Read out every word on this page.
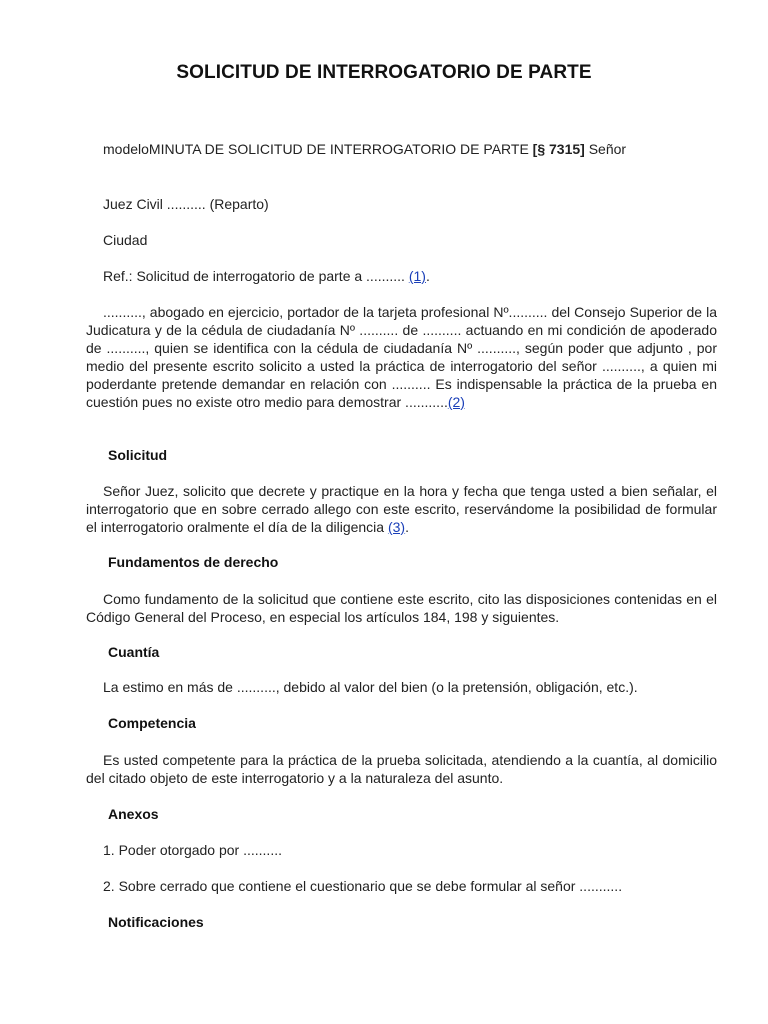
SOLICITUD DE INTERROGATORIO DE PARTE
modeloMINUTA DE SOLICITUD DE INTERROGATORIO DE PARTE [§ 7315] Señor
Juez Civil .......... (Reparto)
Ciudad
Ref.: Solicitud de interrogatorio de parte a .......... (1).
.........., abogado en ejercicio, portador de la tarjeta profesional Nº.......... del Consejo Superior de la Judicatura y de la cédula de ciudadanía Nº .......... de .......... actuando en mi condición de apoderado de .........., quien se identifica con la cédula de ciudadanía Nº .........., según poder que adjunto , por medio del presente escrito solicito a usted la práctica de interrogatorio del señor .........., a quien mi poderdante pretende demandar en relación con .......... Es indispensable la práctica de la prueba en cuestión pues no existe otro medio para demostrar ...........(2)
Solicitud
Señor Juez, solicito que decrete y practique en la hora y fecha que tenga usted a bien señalar, el interrogatorio que en sobre cerrado allego con este escrito, reservándome la posibilidad de formular el interrogatorio oralmente el día de la diligencia (3).
Fundamentos de derecho
Como fundamento de la solicitud que contiene este escrito, cito las disposiciones contenidas en el Código General del Proceso, en especial los artículos 184, 198 y siguientes.
Cuantía
La estimo en más de .........., debido al valor del bien (o la pretensión, obligación, etc.).
Competencia
Es usted competente para la práctica de la prueba solicitada, atendiendo a la cuantía, al domicilio del citado objeto de este interrogatorio y a la naturaleza del asunto.
Anexos
1. Poder otorgado por ..........
2. Sobre cerrado que contiene el cuestionario que se debe formular al señor ...........
Notificaciones
